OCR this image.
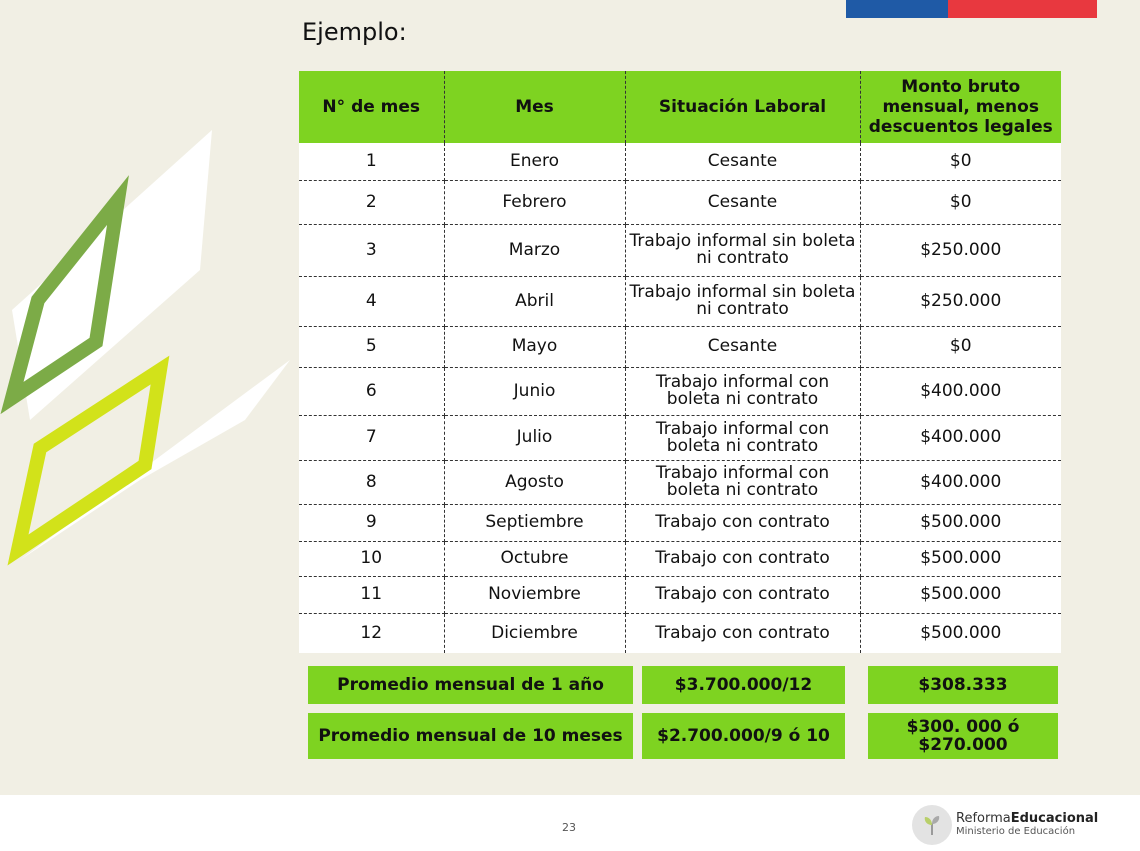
Ejemplo:
N° de mes	Mes	Situación Laboral	Monto bruto mensual, menos descuentos legales
1	Enero	Cesante	$0
2	Febrero	Cesante	$0
3	Marzo	Trabajo informal sin boleta ni contrato	$250.000
4	Abril	Trabajo informal sin boleta ni contrato	$250.000
5	Mayo	Cesante	$0
6	Junio	Trabajo informal con boleta ni contrato	$400.000
7	Julio	Trabajo informal con boleta ni contrato	$400.000
8	Agosto	Trabajo informal con boleta ni contrato	$400.000
9	Septiembre	Trabajo con contrato	$500.000
10	Octubre	Trabajo con contrato	$500.000
11	Noviembre	Trabajo con contrato	$500.000
12	Diciembre	Trabajo con contrato	$500.000
Promedio mensual de 1 año	$3.700.000/12	$308.333
Promedio mensual de 10 meses	$2.700.000/9 ó 10	$300. 000 ó $270.000
23
ReformaEducacional
Ministerio de Educación
